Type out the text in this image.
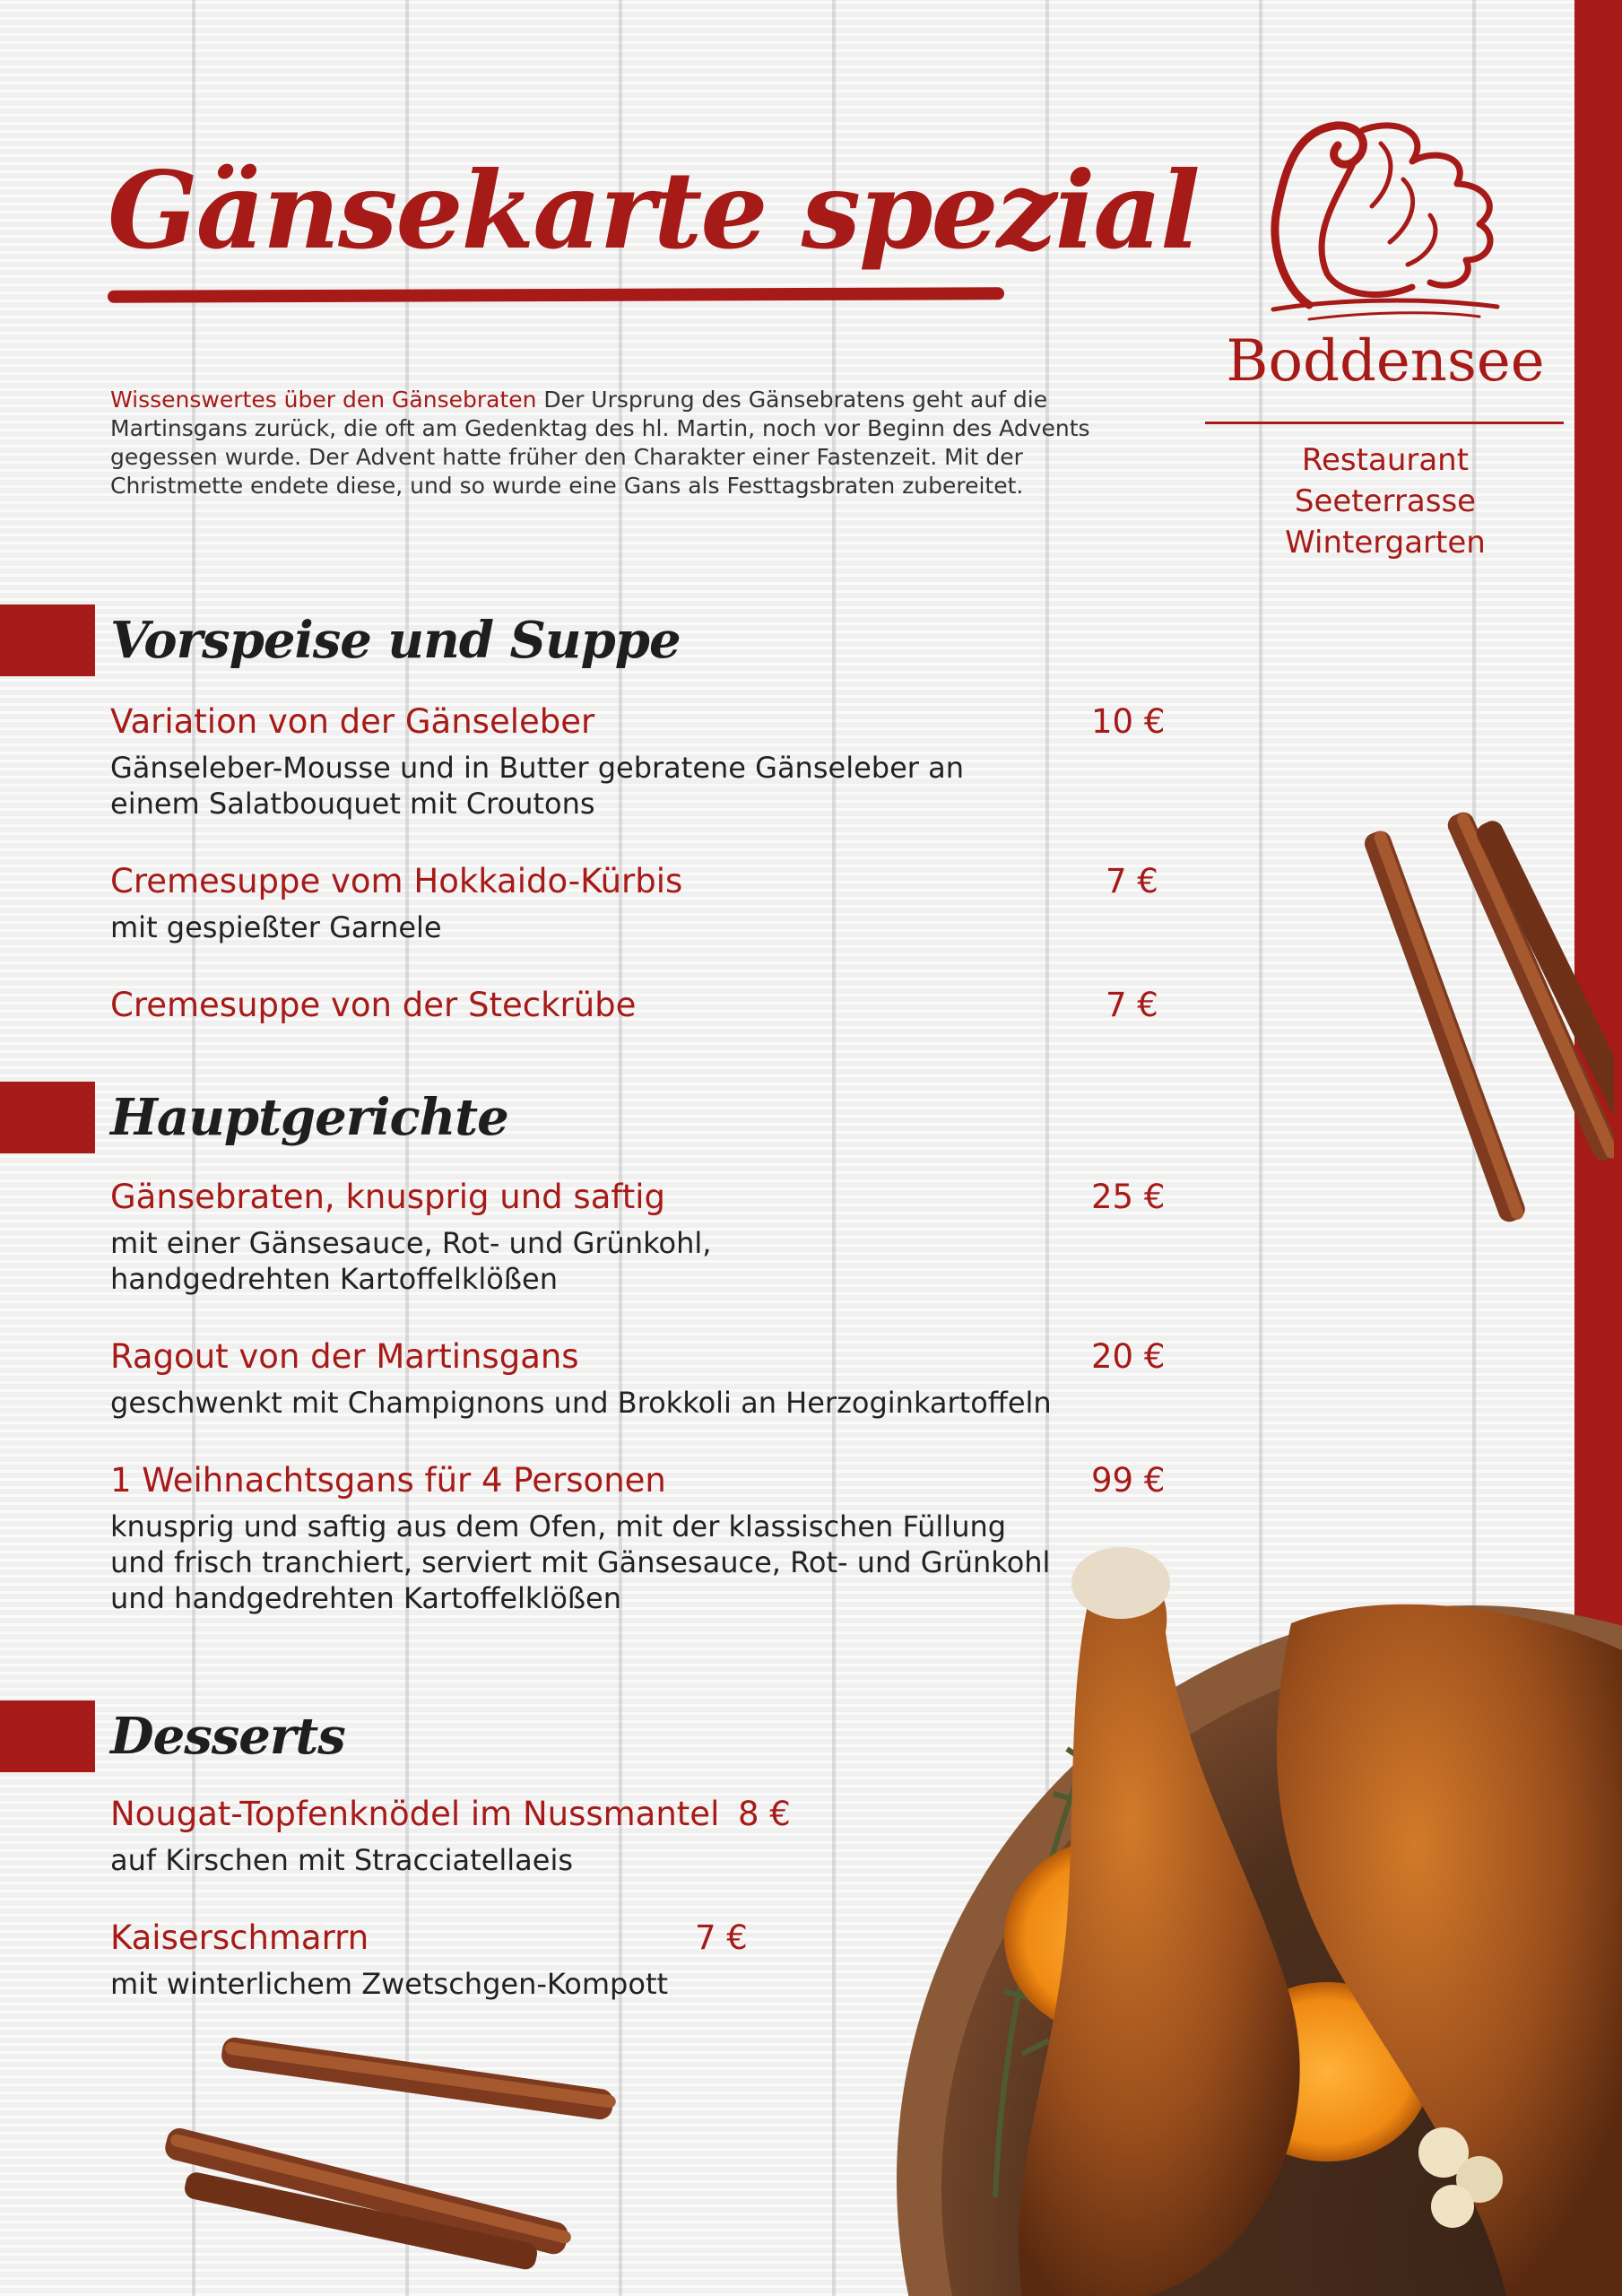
Gänsekarte spezial
Wissenswertes über den Gänsebraten Der Ursprung des Gänsebratens geht auf die
Martinsgans zurück, die oft am Gedenktag des hl. Martin, noch vor Beginn des Advents
gegessen wurde. Der Advent hatte früher den Charakter einer Fastenzeit. Mit der
Christmette endete diese, und so wurde eine Gans als Festtagsbraten zubereitet.
Boddensee
Restaurant
Seeterrasse
Wintergarten
Vorspeise und Suppe
Variation von der Gänseleber	10 €
Gänseleber-Mousse und in Butter gebratene Gänseleber an
einem Salatbouquet mit Croutons
Cremesuppe vom Hokkaido-Kürbis	7 €
mit gespießter Garnele
Cremesuppe von der Steckrübe	7 €
Hauptgerichte
Gänsebraten, knusprig und saftig	25 €
mit einer Gänsesauce, Rot- und Grünkohl,
handgedrehten Kartoffelklößen
Ragout von der Martinsgans	20 €
geschwenkt mit Champignons und Brokkoli an Herzoginkartoffeln
1 Weihnachtsgans für 4 Personen	99 €
knusprig und saftig aus dem Ofen, mit der klassischen Füllung
und frisch tranchiert, serviert mit Gänsesauce, Rot- und Grünkohl
und handgedrehten Kartoffelklößen
Desserts
Nougat-Topfenknödel im Nussmantel 8 €
auf Kirschen mit Stracciatellaeis
Kaiserschmarrn	7 €
mit winterlichem Zwetschgen-Kompott
